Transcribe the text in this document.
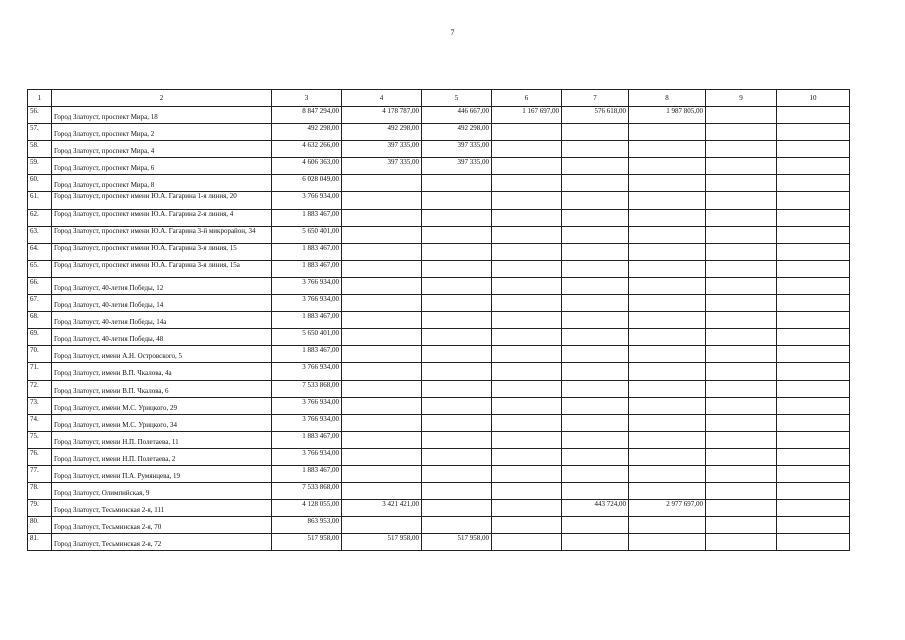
7
1	2	3	4	5	6	7	8	9	10
56.	Город Златоуст, проспект Мира, 18	8 847 294,00	4 178 787,00	446 667,00	1 167 697,00	576 618,00	1 987 805,00		
57.	Город Златоуст, проспект Мира, 2	492 298,00	492 298,00	492 298,00					
58.	Город Златоуст, проспект Мира, 4	4 632 266,00	397 335,00	397 335,00					
59.	Город Златоуст, проспект Мира, 6	4 606 363,00	397 335,00	397 335,00					
60.	Город Златоуст, проспект Мира, 8	6 028 049,00							
61.	Город Златоуст, проспект имени Ю.А. Гагарина 1-я линия, 20	3 766 934,00							
62.	Город Златоуст, проспект имени Ю.А. Гагарина 2-я линия, 4	1 883 467,00							
63.	Город Златоуст, проспект имени Ю.А. Гагарина 3-й микрорайон, 34	5 650 401,00							
64.	Город Златоуст, проспект имени Ю.А. Гагарина 3-я линия, 15	1 883 467,00							
65.	Город Златоуст, проспект имени Ю.А. Гагарина 3-я линия, 15а	1 883 467,00							
66.	Город Златоуст, 40-летия Победы, 12	3 766 934,00							
67.	Город Златоуст, 40-летия Победы, 14	3 766 934,00							
68.	Город Златоуст, 40-летия Победы, 14а	1 883 467,00							
69.	Город Златоуст, 40-летия Победы, 48	5 650 401,00							
70.	Город Златоуст, имени А.Н. Островского, 5	1 883 467,00							
71.	Город Златоуст, имени В.П. Чкалова, 4а	3 766 934,00							
72.	Город Златоуст, имени В.П. Чкалова, 6	7 533 868,00							
73.	Город Златоуст, имени М.С. Урицкого, 29	3 766 934,00							
74.	Город Златоуст, имени М.С. Урицкого, 34	3 766 934,00							
75.	Город Златоуст, имени Н.П. Полетаева, 11	1 883 467,00							
76.	Город Златоуст, имени Н.П. Полетаева, 2	3 766 934,00							
77.	Город Златоуст, имени П.А. Румянцева, 19	1 883 467,00							
78.	Город Златоуст, Олимпийская, 9	7 533 868,00							
79.	Город Златоуст, Тесьминская 2-я, 111	4 128 055,00	3 421 421,00			443 724,00	2 977 697,00		
80.	Город Златоуст, Тесьминская 2-я, 70	863 953,00							
81.	Город Златоуст, Тесьминская 2-я, 72	517 958,00	517 958,00	517 958,00					
